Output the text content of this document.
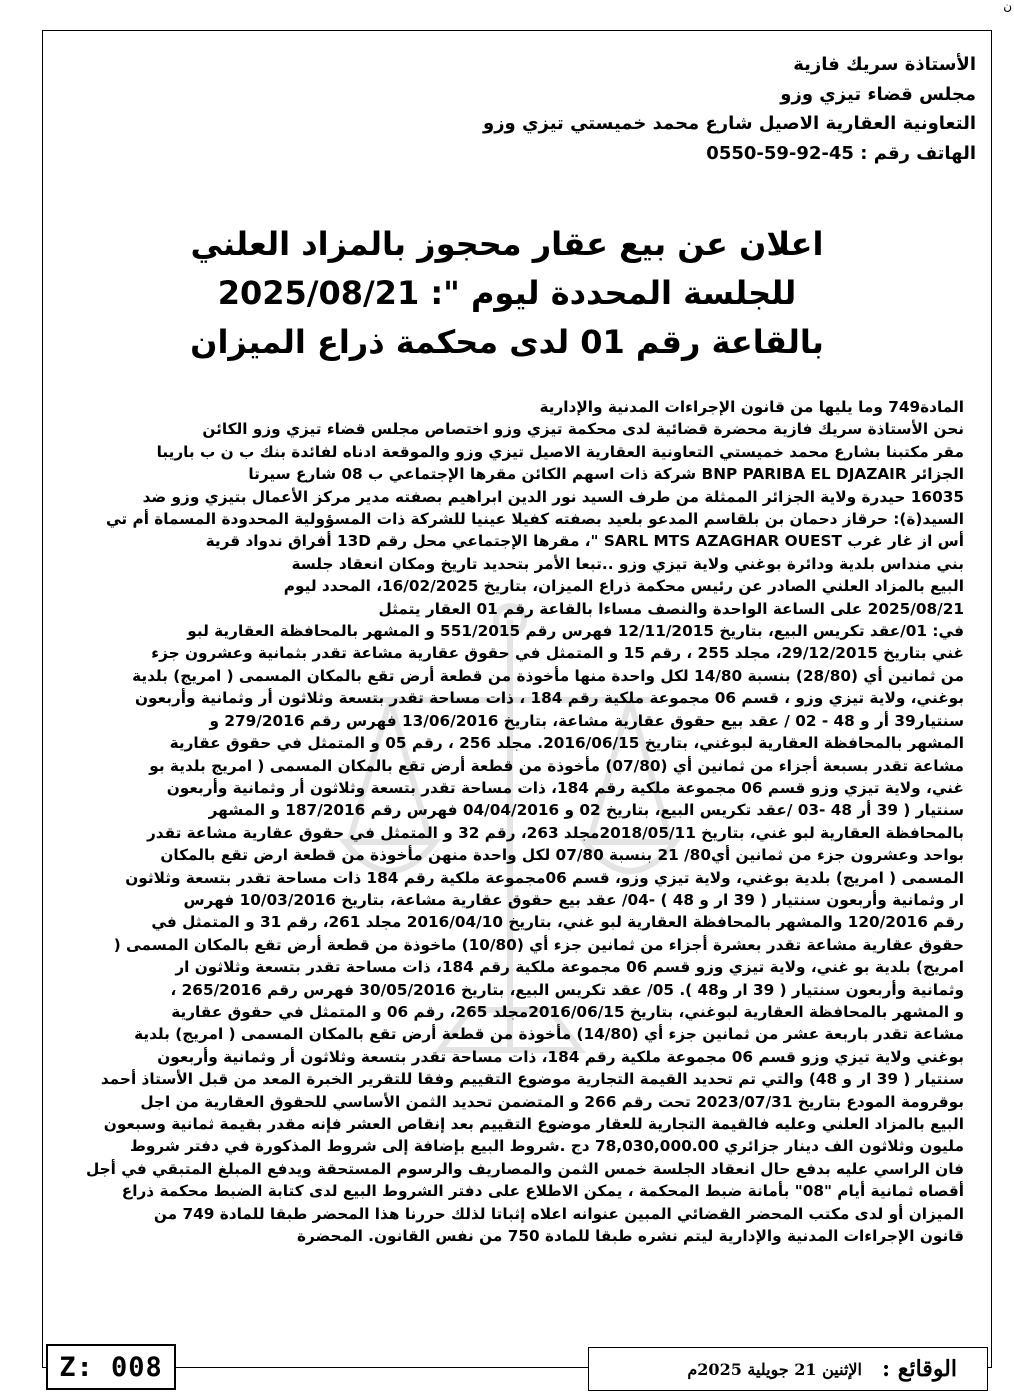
ن
الأستاذة سريك فازية
مجلس قضاء تيزي وزو
التعاونية العقارية الاصيل شارع محمد خميستي تيزي وزو
الهاتف رقم : 0550-59-92-45
اعلان عن بيع عقار محجوز بالمزاد العلني
للجلسة المحددة ليوم ": 2025/08/21
بالقاعة رقم 01 لدى محكمة ذراع الميزان
المادة749 وما يليها من قانون الإجراءات المدنية والإدارية
نحن الأستاذة سريك فازية محضرة قضائية لدى محكمة تيزي وزو اختصاص مجلس قضاء تيزي وزو الكائن
مقر مكتبنا بشارع محمد خميستي التعاونية العقارية الاصيل تيزي وزو والموقعة ادناه لفائدة بنك ب ن ب باريبا
الجزائر BNP PARIBA EL DJAZAIR شركة ذات اسهم الكائن مقرها الإجتماعي ب 08 شارع سيرتا
16035 حيدرة ولاية الجزائر الممثلة من طرف السيد نور الدين ابراهيم بصفته مدير مركز الأعمال بتيزي وزو ضد
السيد(ة): حرقاز دحمان بن بلقاسم المدعو بلعيد بصفته كفيلا عينيا للشركة ذات المسؤولية المحدودة المسماة أم تي
أس از غار غرب SARL MTS AZAGHAR OUEST "، مقرها الإجتماعي محل رقم 13D أفراق ندواد قرية
بني منداس بلدية ودائرة بوغني ولاية تيزي وزو ..تبعا الأمر بتحديد تاريخ ومكان انعقاد جلسة
البيع بالمزاد العلني الصادر عن رئيس محكمة ذراع الميزان، بتاريخ 16/02/2025، المحدد ليوم
2025/08/21 على الساعة الواحدة والنصف مساءا بالقاعة رقم 01 العقار يتمثل
في: 01/عقد تكريس البيع، بتاريخ 12/11/2015 فهرس رقم 551/2015 و المشهر بالمحافظة العقارية لبو
غني بتاريخ 29/12/2015، مجلد 255 ، رقم 15 و المتمثل في حقوق عقارية مشاعة تقدر بثمانية وعشرون جزء
من ثمانين أي (28/80) بنسبة 14/80 لكل واحدة منها مأخوذة من قطعة أرض تقع بالمكان المسمى ( امريج) بلدية
بوغني، ولاية تيزي وزو ، قسم 06 مجموعة ملكية رقم 184 ، ذات مساحة تقدر بتسعة وثلاثون أر وثمانية وأربعون
سنتيار39 أر و 48 - 02 / عقد بيع حقوق عقارية مشاعة، بتاريخ 13/06/2016 فهرس رقم 279/2016 و
المشهر بالمحافظة العقارية لبوغني، بتاريخ 2016/06/15. مجلد 256 ، رقم 05 و المتمثل في حقوق عقارية
مشاعة تقدر بسبعة أجزاء من ثمانين أي (07/80) مأخوذة من قطعة أرض تقع بالمكان المسمى ( امريج بلدية بو
غني، ولاية تيزي وزو قسم 06 مجموعة ملكية رقم 184، ذات مساحة تقدر بتسعة وثلاثون أر وثمانية وأربعون
سنتيار ( 39 أر 48 -03 /عقد تكريس البيع، بتاريخ 02 و 04/04/2016 فهرس رقم 187/2016 و المشهر
بالمحافظة العقارية لبو غني، بتاريخ 2018/05/11مجلد 263، رقم 32 و المتمثل في حقوق عقارية مشاعة تقدر
بواحد وعشرون جزء من ثمانين أي80/ 21 بنسبة 07/80 لكل واحدة منهن مأخوذة من قطعة ارض تقع بالمكان
المسمى ( امريج) بلدية بوغني، ولاية تيزي وزو، قسم 06مجموعة ملكية رقم 184 ذات مساحة تقدر بتسعة وثلاثون
ار وثمانية وأربعون سنتيار ( 39 ار و 48 ) -04/ عقد بيع حقوق عقارية مشاعة، بتاريخ 10/03/2016 فهرس
رقم 120/2016 والمشهر بالمحافظة العقارية لبو غني، بتاريخ 2016/04/10 مجلد 261، رقم 31 و المتمثل في
حقوق عقارية مشاعة تقدر بعشرة أجزاء من ثمانين جزء أي (10/80) ماخوذة من قطعة أرض تقع بالمكان المسمى (
امريج) بلدية بو غني، ولاية تيزي وزو قسم 06 مجموعة ملكية رقم 184، ذات مساحة تقدر بتسعة وثلاثون ار
وثمانية وأربعون سنتيار ( 39 ار و48 ). 05/ عقد تكريس البيع، بتاريخ 30/05/2016 فهرس رقم 265/2016 ،
و المشهر بالمحافظة العقارية لبوغني، بتاريخ 2016/06/15مجلد 265، رقم 06 و المتمثل في حقوق عقارية
مشاعة تقدر باربعة عشر من ثمانين جزء أي (14/80) مأخوذة من قطعة أرض تقع بالمكان المسمى ( امريج) بلدية
بوغني ولاية تيزي وزو قسم 06 مجموعة ملكية رقم 184، ذات مساحة تقدر بتسعة وثلاثون أر وثمانية وأربعون
سنتيار ( 39 ار و 48) والتي تم تحديد القيمة التجارية موضوع التقييم وفقا للتقرير الخبرة المعد من قبل الأستاذ أحمد
بوقرومة المودع بتاريخ 2023/07/31 تحت رقم 266 و المتضمن تحديد الثمن الأساسي للحقوق العقارية من اجل
البيع بالمزاد العلني وعليه فالقيمة التجارية للعقار موضوع التقييم بعد إنقاص العشر فإنه مقدر بقيمة ثمانية وسبعون
مليون وثلاثون الف دينار جزائري 78,030,000.00 دج .شروط البيع بإضافة إلى شروط المذكورة في دفتر شروط
فان الراسي عليه بدفع حال انعقاد الجلسة خمس الثمن والمصاريف والرسوم المستحقة ويدفع المبلغ المتبقي في أجل
أقصاه ثمانية أيام "08" بأمانة ضبط المحكمة ، يمكن الاطلاع على دفتر الشروط البيع لدى كتابة الضبط محكمة ذراع
الميزان أو لدى مكتب المحضر القضائي المبين عنوانه اعلاه إثباتا لذلك حررنا هذا المحضر طبقا للمادة 749 من
قانون الإجراءات المدنية والإدارية ليتم نشره طبقا للمادة 750 من نفس القانون. المحضرة
Z: 008	الوقائع :
الإثنين 21 جويلية 2025م
